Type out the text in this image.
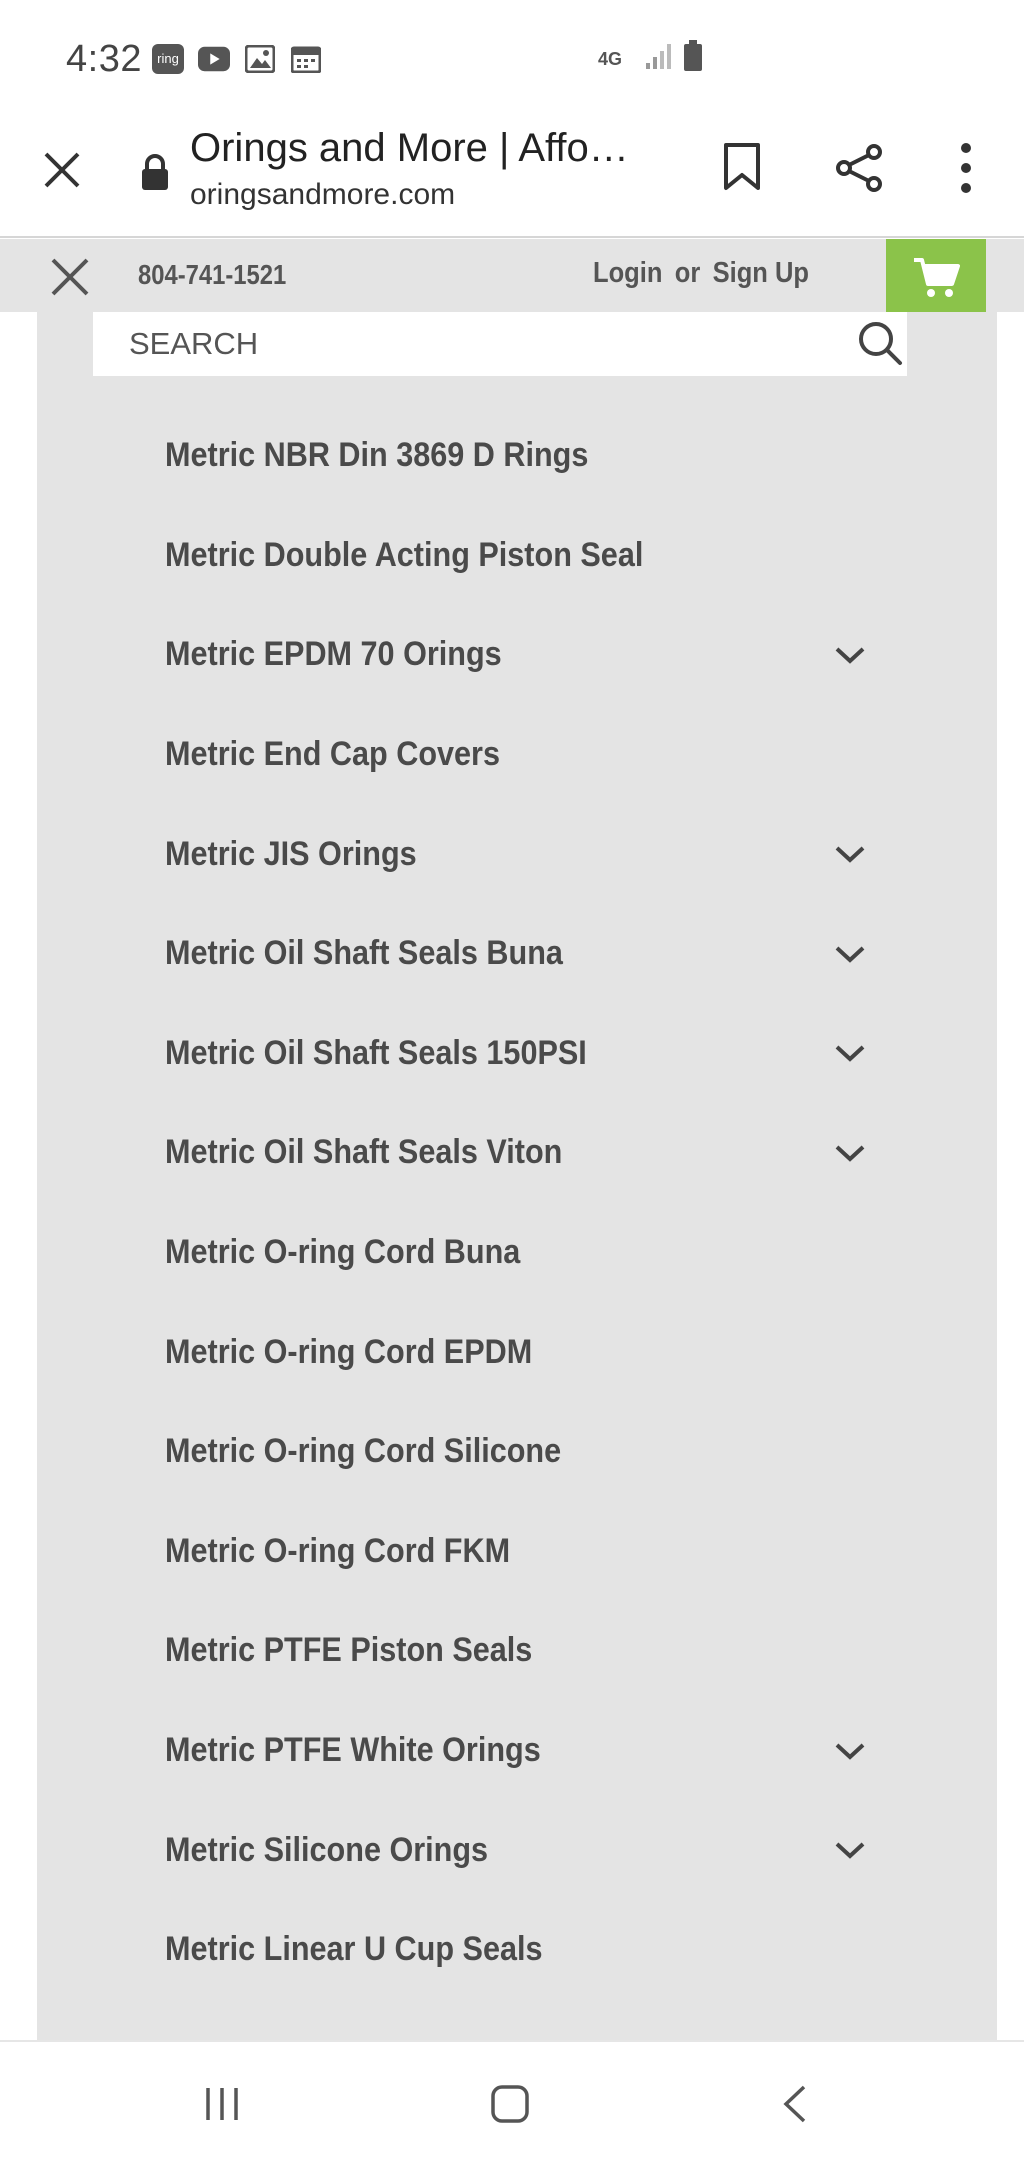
4:32	ring	4G
Orings and More | Affo…
oringsandmore.com
804-741-1521	Login or Sign Up
SEARCH
Metric NBR Din 3869 D Rings
Metric Double Acting Piston Seal
Metric EPDM 70 Orings
Metric End Cap Covers
Metric JIS Orings
Metric Oil Shaft Seals Buna
Metric Oil Shaft Seals 150PSI
Metric Oil Shaft Seals Viton
Metric O-ring Cord Buna
Metric O-ring Cord EPDM
Metric O-ring Cord Silicone
Metric O-ring Cord FKM
Metric PTFE Piston Seals
Metric PTFE White Orings
Metric Silicone Orings
Metric Linear U Cup Seals
